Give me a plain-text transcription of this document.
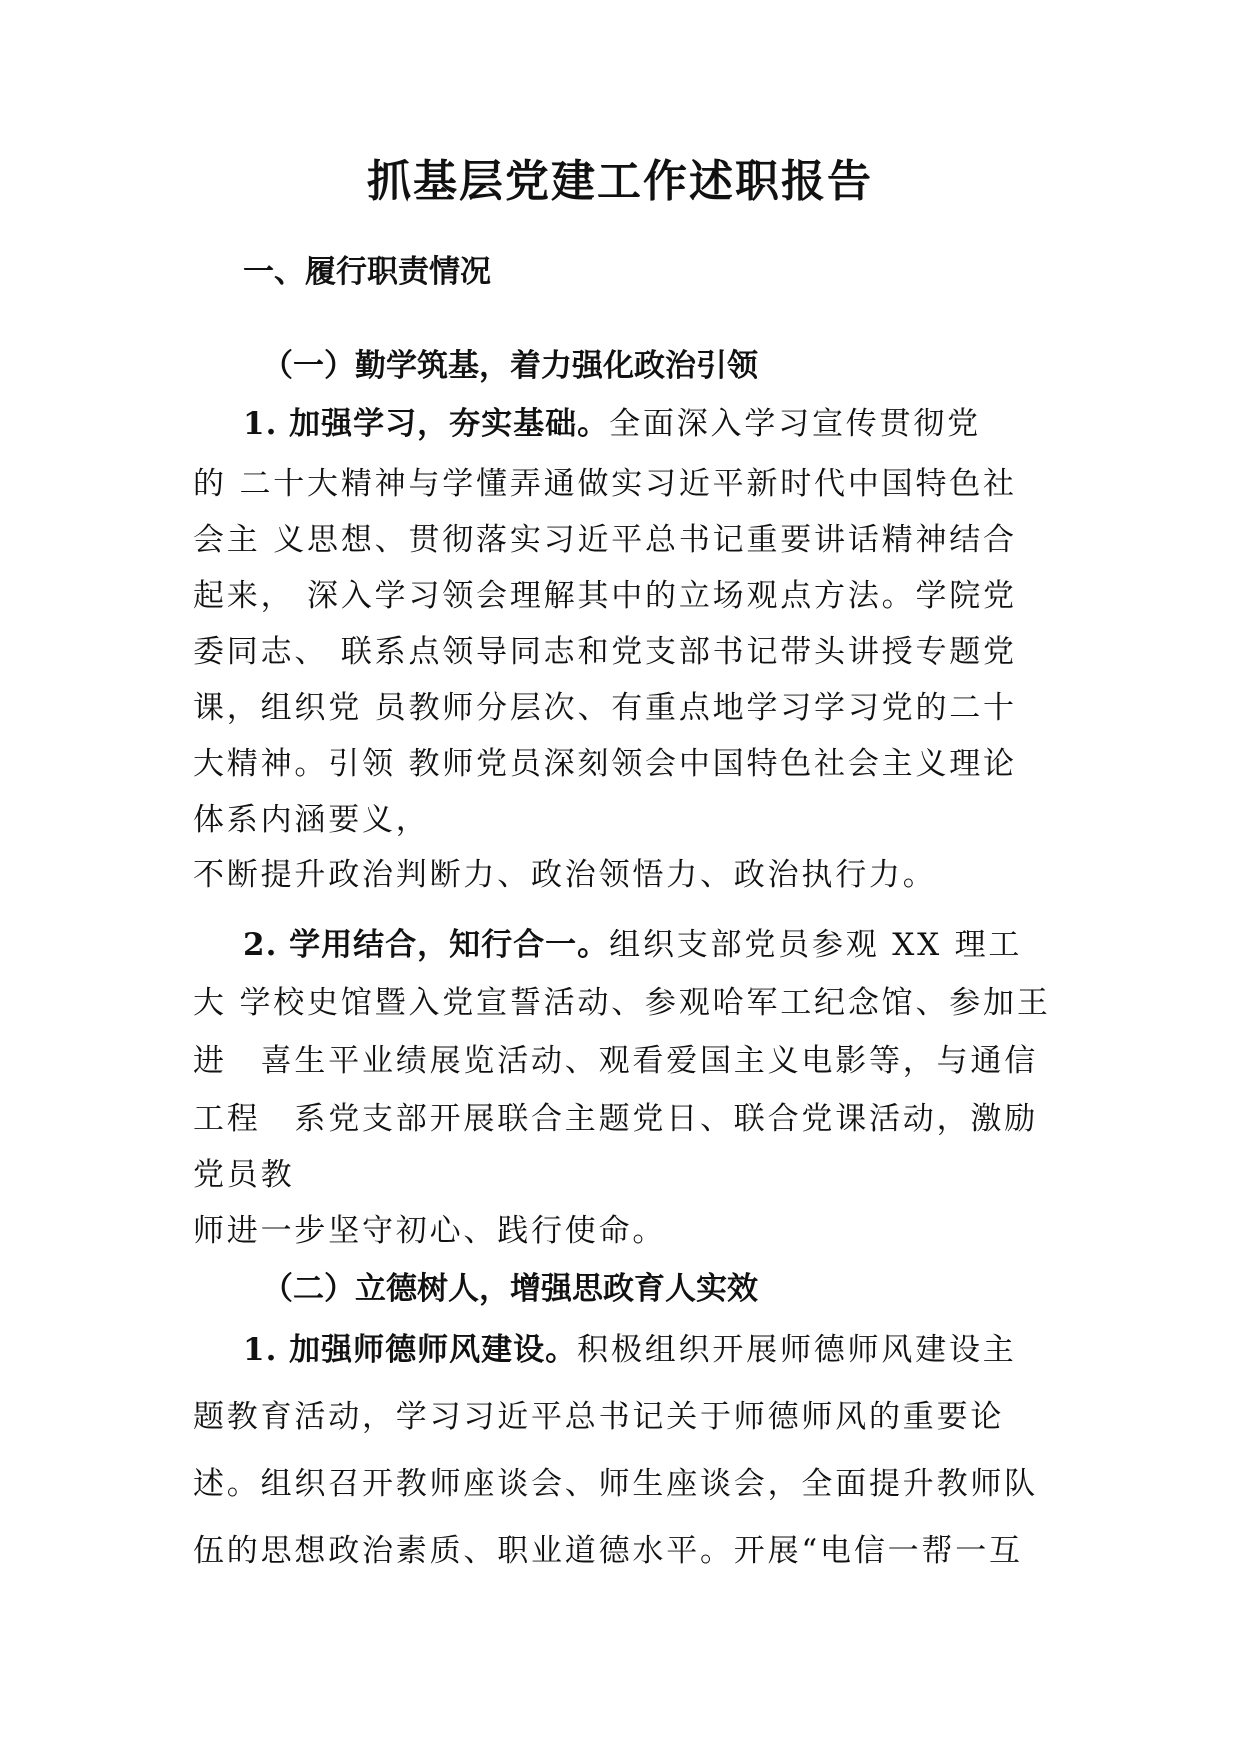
抓基层党建工作述职报告
一、履行职责情况
（一）勤学筑基，着力强化政治引领
1. 加强学习，夯实基础。全面深入学习宣传贯彻党
的 二十大精神与学懂弄通做实习近平新时代中国特色社
会主 义思想、贯彻落实习近平总书记重要讲话精神结合
起来， 深入学习领会理解其中的立场观点方法。学院党
委同志、 联系点领导同志和党支部书记带头讲授专题党
课，组织党 员教师分层次、有重点地学习学习党的二十
大精神。引领 教师党员深刻领会中国特色社会主义理论
体系内涵要义，
不断提升政治判断力、政治领悟力、政治执行力。
2. 学用结合，知行合一。组织支部党员参观 XX 理工
大 学校史馆暨入党宣誓活动、参观哈军工纪念馆、参加王
进　喜生平业绩展览活动、观看爱国主义电影等，与通信
工程　系党支部开展联合主题党日、联合党课活动，激励
党员教
师进一步坚守初心、践行使命。
（二）立德树人，增强思政育人实效
1. 加强师德师风建设。积极组织开展师德师风建设主
题教育活动，学习习近平总书记关于师德师风的重要论
述。组织召开教师座谈会、师生座谈会，全面提升教师队
伍的思想政治素质、职业道德水平。开展“电信一帮一互
